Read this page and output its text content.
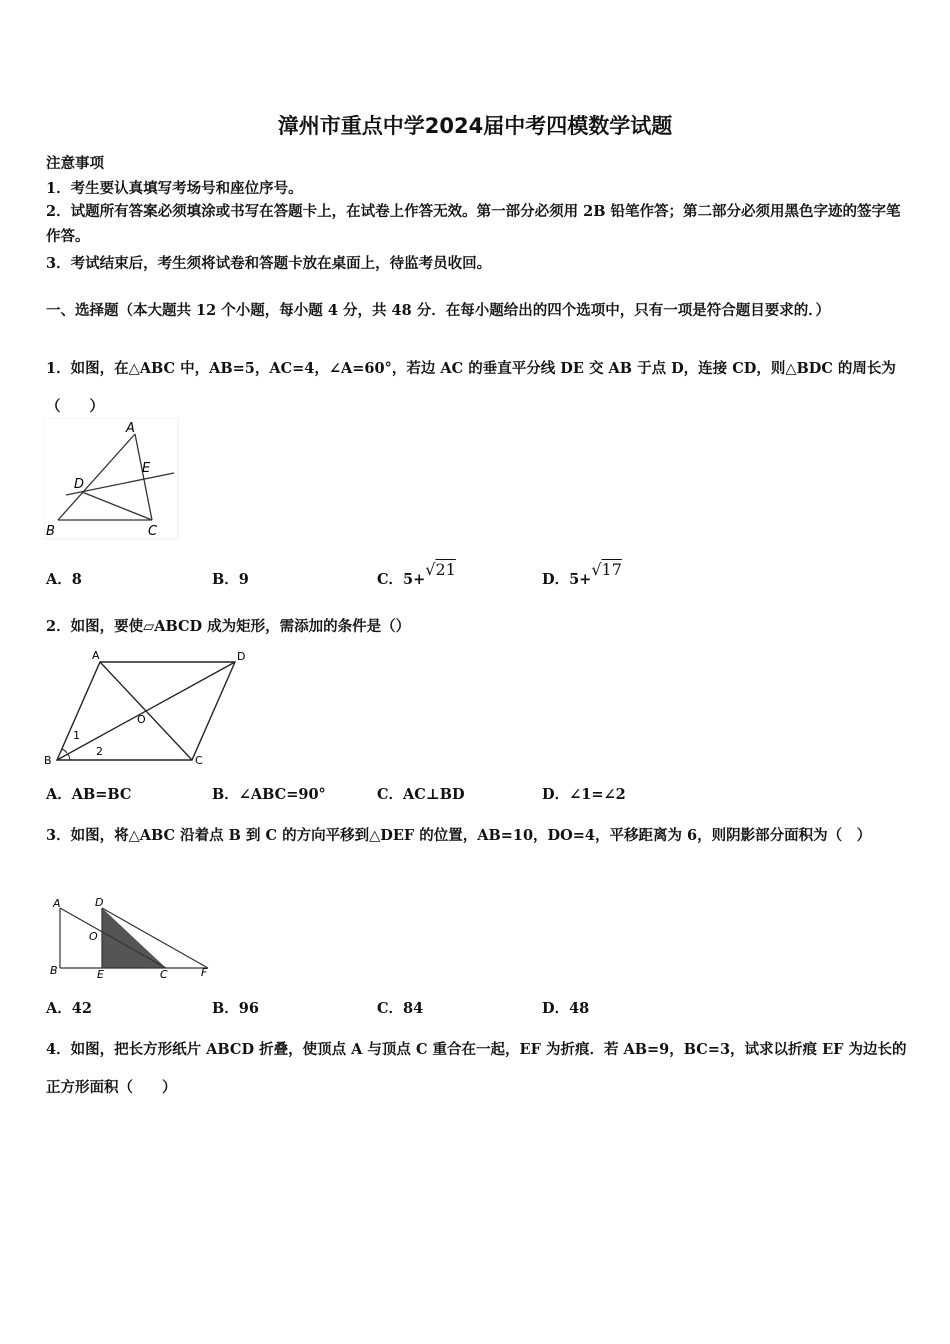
漳州市重点中学2024届中考四模数学试题
注意事项
1．考生要认真填写考场号和座位序号。
2．试题所有答案必须填涂或书写在答题卡上，在试卷上作答无效。第一部分必须用 2B 铅笔作答；第二部分必须用黑色字迹的签字笔作答。
3．考试结束后，考生须将试卷和答题卡放在桌面上，待监考员收回。
一、选择题（本大题共 12 个小题，每小题 4 分，共 48 分．在每小题给出的四个选项中，只有一项是符合题目要求的．）
1．如图，在△ABC 中，AB=5，AC=4，∠A=60°，若边 AC 的垂直平分线 DE 交 AB 于点 D，连接 CD，则△BDC 的周长为（　　）
A
E
D
B	C
A．8	B．9	C．5+√21
D．5+√17
2．如图，要使▱ABCD 成为矩形，需添加的条件是（）
A	D
O
B	C
1
2
A．AB=BC	B．∠ABC=90°	C．AC⊥BD	D．∠1=∠2
3．如图，将△ABC 沿着点 B 到 C 的方向平移到△DEF 的位置，AB=10，DO=4，平移距离为 6，则阴影部分面积为（　）
A	D
O
B	E	C	F
A．42	B．96	C．84	D．48
4．如图，把长方形纸片 ABCD 折叠，使顶点 A 与顶点 C 重合在一起，EF 为折痕．若 AB=9，BC=3，试求以折痕 EF 为边长的正方形面积（　　）
